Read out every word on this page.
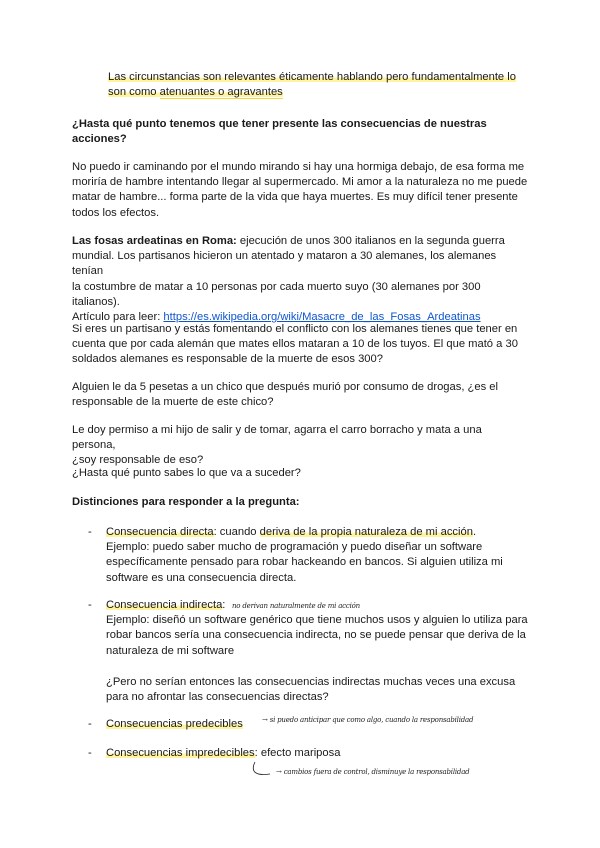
Las circunstancias son relevantes éticamente hablando pero fundamentalmente lo
son como atenuantes o agravantes

¿Hasta qué punto tenemos que tener presente las consecuencias de nuestras
acciones?

No puedo ir caminando por el mundo mirando si hay una hormiga debajo, de esa forma me
moriría de hambre intentando llegar al supermercado. Mi amor a la naturaleza no me puede
matar de hambre... forma parte de la vida que haya muertes. Es muy difícil tener presente
todos los efectos.

Las fosas ardeatinas en Roma: ejecución de unos 300 italianos en la segunda guerra
mundial. Los partisanos hicieron un atentado y mataron a 30 alemanes, los alemanes tenían
la costumbre de matar a 10 personas por cada muerto suyo (30 alemanes por 300
italianos).
Artículo para leer: https://es.wikipedia.org/wiki/Masacre_de_las_Fosas_Ardeatinas

Si eres un partisano y estás fomentando el conflicto con los alemanes tienes que tener en
cuenta que por cada alemán que mates ellos mataran a 10 de los tuyos. El que mató a 30
soldados alemanes es responsable de la muerte de esos 300?

Alguien le da 5 pesetas a un chico que después murió por consumo de drogas, ¿es el
responsable de la muerte de este chico?

Le doy permiso a mi hijo de salir y de tomar, agarra el carro borracho y mata a una persona,
¿soy responsable de eso?

¿Hasta qué punto sabes lo que va a suceder?

Distinciones para responder a la pregunta:

- Consecuencia directa: cuando deriva de la propia naturaleza de mi acción.
Ejemplo: puedo saber mucho de programación y puedo diseñar un software
específicamente pensado para robar hackeando en bancos. Si alguien utiliza mi
software es una consecuencia directa.

- Consecuencia indirecta:
Ejemplo: diseñó un software genérico que tiene muchos usos y alguien lo utiliza para
robar bancos sería una consecuencia indirecta, no se puede pensar que deriva de la
naturaleza de mi software

no derivan naturalmente de mi acción

¿Pero no serían entonces las consecuencias indirectas muchas veces una excusa
para no afrontar las consecuencias directas?

- Consecuencias predecibles	→ si puedo anticipar que como algo, cuando la responsabilidad
- Consecuencias impredecibles: efecto mariposa

→ cambios fuera de control, disminuye la responsabilidad
